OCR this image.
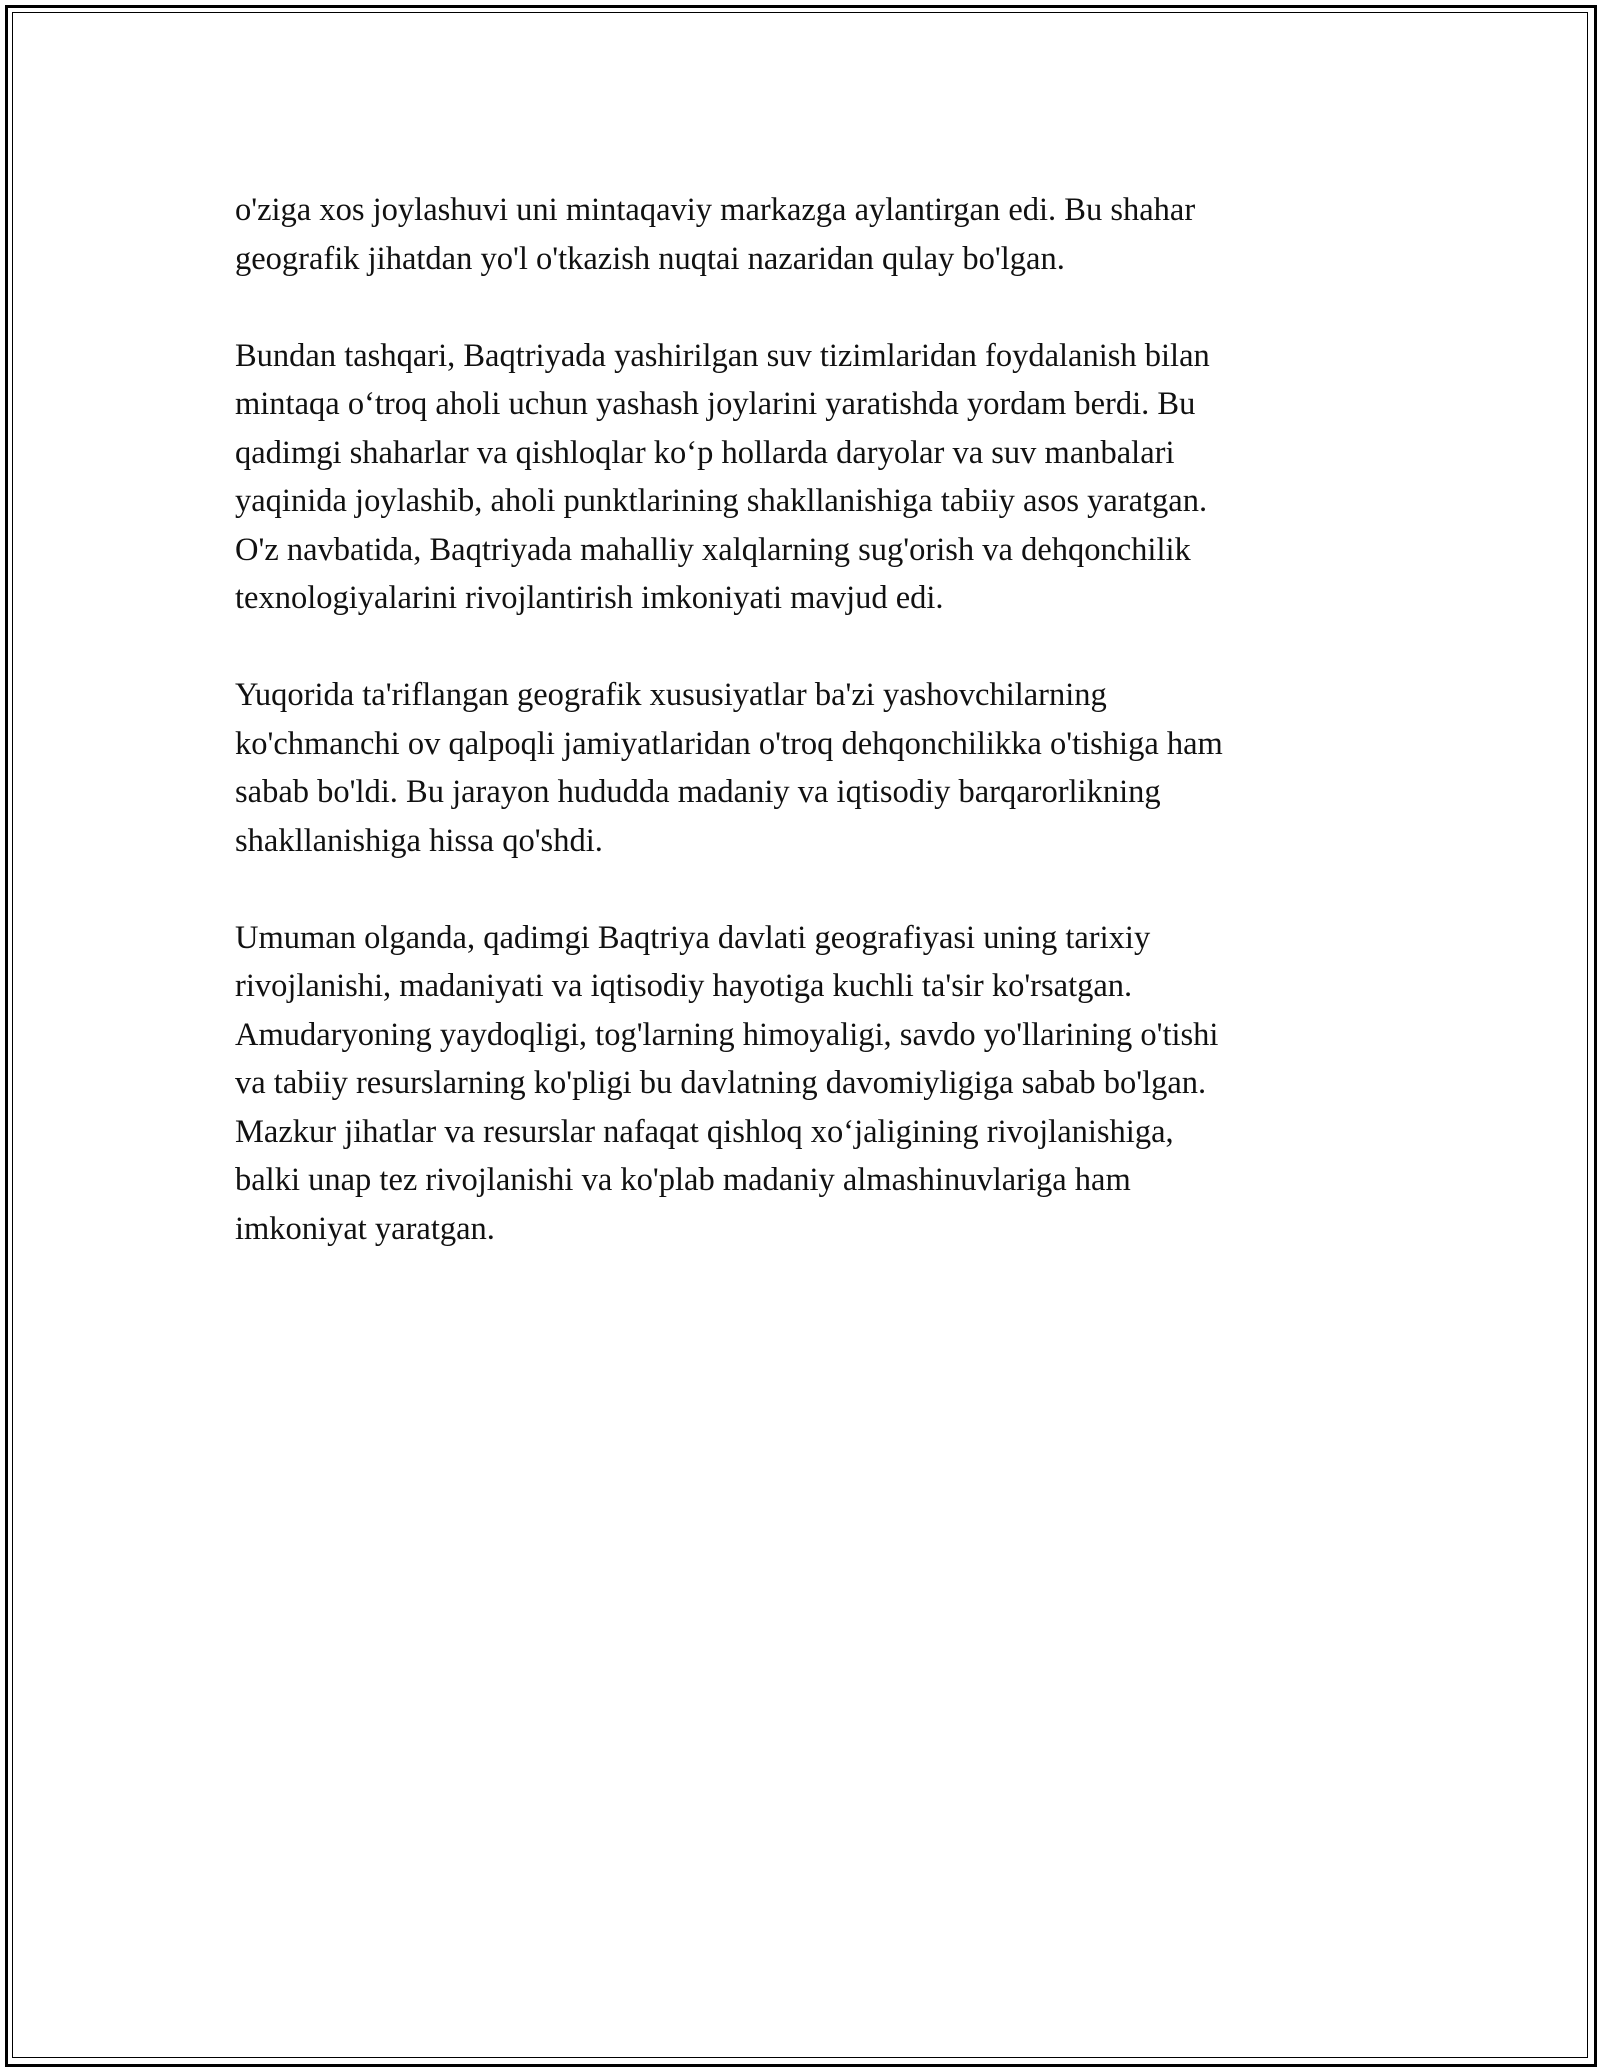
o'ziga xos joylashuvi uni mintaqaviy markazga aylantirgan edi. Bu shahar
geografik jihatdan yo'l o'tkazish nuqtai nazaridan qulay bo'lgan.

Bundan tashqari, Baqtriyada yashirilgan suv tizimlaridan foydalanish bilan
mintaqa o‘troq aholi uchun yashash joylarini yaratishda yordam berdi. Bu
qadimgi shaharlar va qishloqlar ko‘p hollarda daryolar va suv manbalari
yaqinida joylashib, aholi punktlarining shakllanishiga tabiiy asos yaratgan.
O'z navbatida, Baqtriyada mahalliy xalqlarning sug'orish va dehqonchilik
texnologiyalarini rivojlantirish imkoniyati mavjud edi.

Yuqorida ta'riflangan geografik xususiyatlar ba'zi yashovchilarning
ko'chmanchi ov qalpoqli jamiyatlaridan o'troq dehqonchilikka o'tishiga ham
sabab bo'ldi. Bu jarayon hududda madaniy va iqtisodiy barqarorlikning
shakllanishiga hissa qo'shdi.

Umuman olganda, qadimgi Baqtriya davlati geografiyasi uning tarixiy
rivojlanishi, madaniyati va iqtisodiy hayotiga kuchli ta'sir ko'rsatgan.
Amudaryoning yaydoqligi, tog'larning himoyaligi, savdo yo'llarining o'tishi
va tabiiy resurslarning ko'pligi bu davlatning davomiyligiga sabab bo'lgan.
Mazkur jihatlar va resurslar nafaqat qishloq xo‘jaligining rivojlanishiga,
balki unap tez rivojlanishi va ko'plab madaniy almashinuvlariga ham
imkoniyat yaratgan.
